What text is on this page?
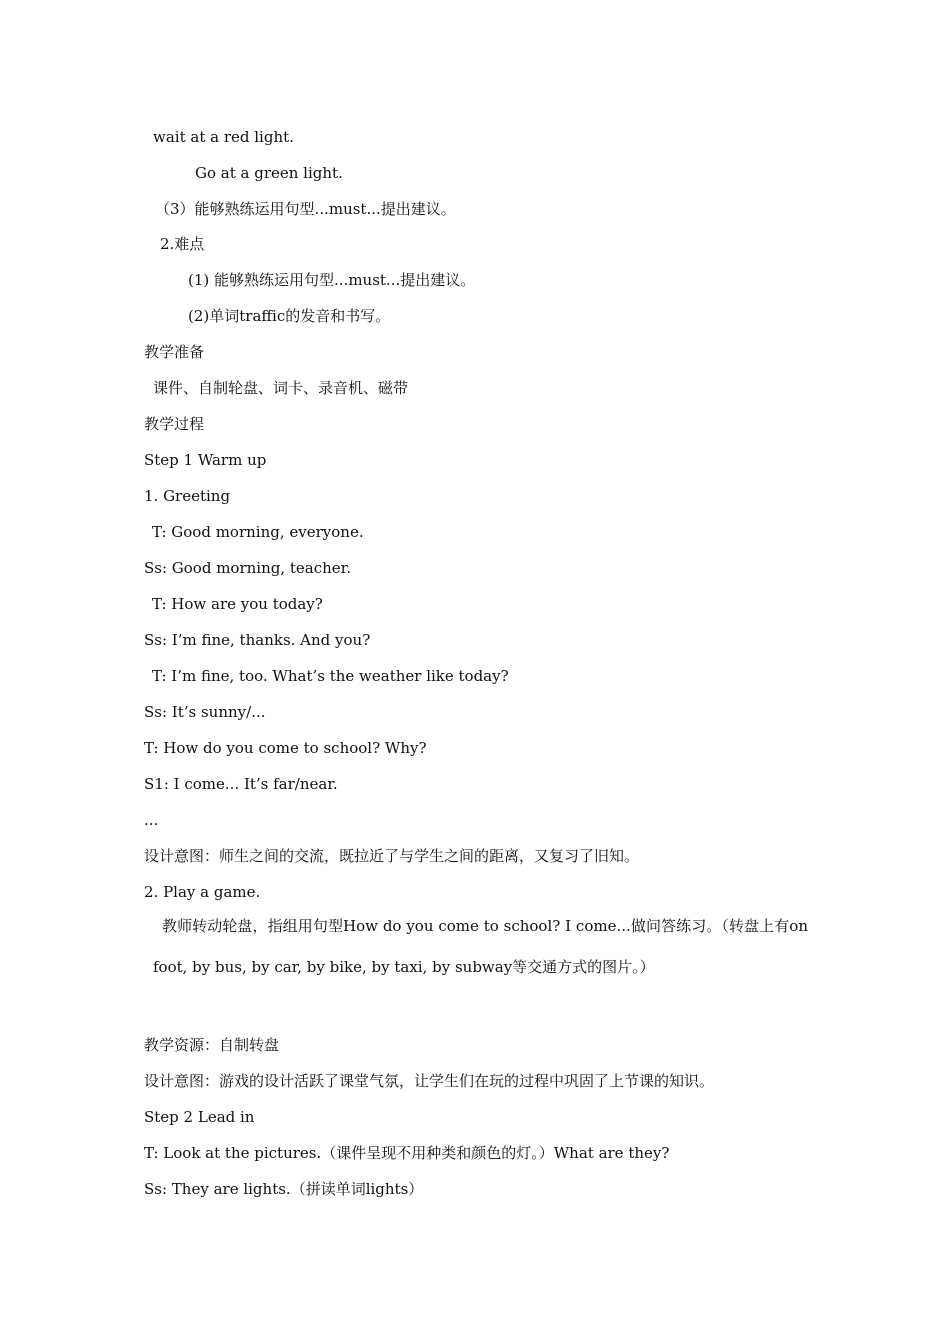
wait at a red light.
Go at a green light.
（3）能够熟练运用句型...must...提出建议。
2.难点
(1) 能够熟练运用句型...must...提出建议。
(2)单词traffic的发音和书写。
教学准备
课件、自制轮盘、词卡、录音机、磁带
教学过程
Step 1 Warm up
1. Greeting
T: Good morning, everyone.
Ss: Good morning, teacher.
T: How are you today?
Ss: I’m fine, thanks. And you?
T: I’m fine, too. What’s the weather like today?
Ss: It’s sunny/...
T: How do you come to school? Why?
S1: I come... It’s far/near.
...
设计意图：师生之间的交流，既拉近了与学生之间的距离，又复习了旧知。
2. Play a game.
教师转动轮盘，指组用句型How do you come to school? I come...做问答练习。（转盘上有on foot, by bus, by car, by bike, by taxi, by subway等交通方式的图片。）
教学资源：自制转盘
设计意图：游戏的设计活跃了课堂气氛，让学生们在玩的过程中巩固了上节课的知识。
Step 2 Lead in
T: Look at the pictures.（课件呈现不用种类和颜色的灯。）What are they?
Ss: They are lights.（拼读单词lights）
